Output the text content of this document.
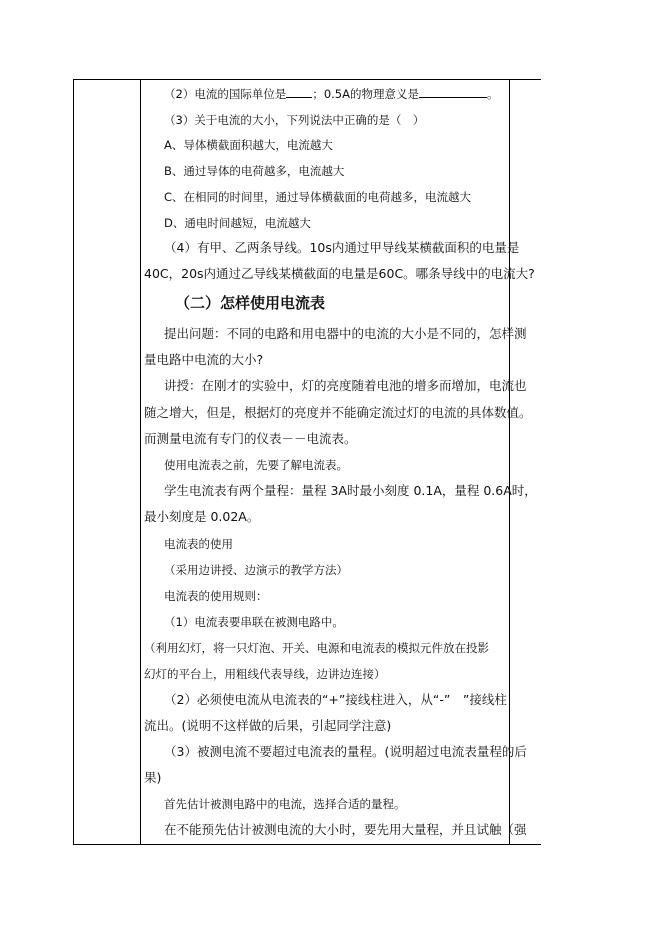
（2）电流的国际单位是 ；0.5A的物理意义是	。
（3）关于电流的大小，下列说法中正确的是（　）
A、导体横截面积越大，电流越大
B、通过导体的电荷越多，电流越大
C、在相同的时间里，通过导体横截面的电荷越多，电流越大
D、通电时间越短，电流越大
（4）有甲、乙两条导线。10s内通过甲导线某横截面积的电量是
40C，20s内通过乙导线某横截面的电量是60C。哪条导线中的电流大?
（二）怎样使用电流表
提出问题：不同的电路和用电器中的电流的大小是不同的，怎样测
量电路中电流的大小?
讲授：在刚才的实验中，灯的亮度随着电池的增多而增加，电流也
随之增大，但是，根据灯的亮度并不能确定流过灯的电流的具体数值。
而测量电流有专门的仪表－－电流表。
使用电流表之前，先要了解电流表。
学生电流表有两个量程：量程 3A时最小刻度 0.1A，量程 0.6A时，
最小刻度是 0.02A。
电流表的使用
（采用边讲授、边演示的教学方法）
电流表的使用规则：
（1）电流表要串联在被测电路中。
（利用幻灯，将一只灯泡、开关、电源和电流表的模拟元件放在投影
幻灯的平台上，用粗线代表导线，边讲边连接）
（2）必须使电流从电流表的“+”接线柱进入，从“-”　”接线柱
流出。(说明不这样做的后果，引起同学注意)
（3）被测电流不要超过电流表的量程。(说明超过电流表量程的后
果)
首先估计被测电路中的电流，选择合适的量程。
在不能预先估计被测电流的大小时，要先用大量程，并且试触（强
